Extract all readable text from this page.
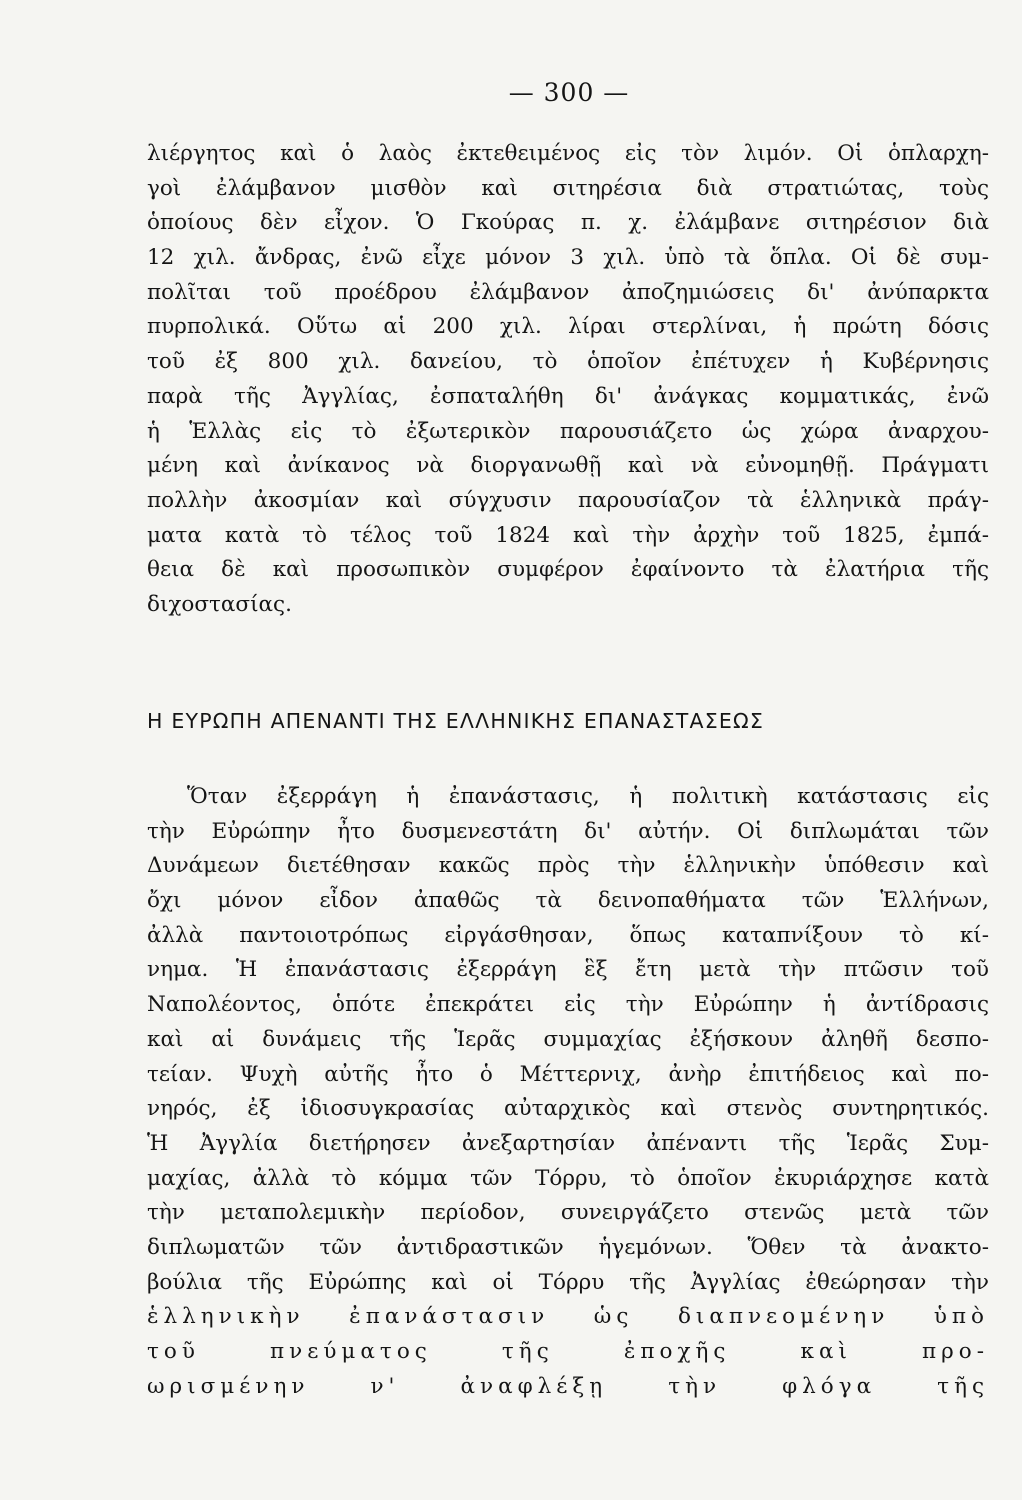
— 300 —
λιέργητος καὶ ὁ λαὸς ἐκτεθειμένος εἰς τὸν λιμόν. Οἱ ὁπλαρχη-
γοὶ ἐλάμβανον μισθὸν καὶ σιτηρέσια διὰ στρατιώτας, τοὺς
ὁποίους δὲν εἶχον. Ὁ Γκούρας π. χ. ἐλάμβανε σιτηρέσιον διὰ
12 χιλ. ἄνδρας, ἐνῶ εἶχε μόνον 3 χιλ. ὑπὸ τὰ ὅπλα. Οἱ δὲ συμ-
πολῖται τοῦ προέδρου ἐλάμβανον ἀποζημιώσεις δι' ἀνύπαρκτα
πυρπολικά. Οὕτω αἱ 200 χιλ. λίραι στερλίναι, ἡ πρώτη δόσις
τοῦ ἐξ 800 χιλ. δανείου, τὸ ὁποῖον ἐπέτυχεν ἡ Κυβέρνησις
παρὰ τῆς Ἀγγλίας, ἐσπαταλήθη δι' ἀνάγκας κομματικάς, ἐνῶ
ἡ Ἑλλὰς εἰς τὸ ἐξωτερικὸν παρουσιάζετο ὡς χώρα ἀναρχου-
μένη καὶ ἀνίκανος νὰ διοργανωθῇ καὶ νὰ εὐνομηθῇ. Πράγματι
πολλὴν ἀκοσμίαν καὶ σύγχυσιν παρουσίαζον τὰ ἑλληνικὰ πράγ-
ματα κατὰ τὸ τέλος τοῦ 1824 καὶ τὴν ἀρχὴν τοῦ 1825, ἐμπά-
θεια δὲ καὶ προσωπικὸν συμφέρον ἐφαίνοντο τὰ ἐλατήρια τῆς
διχοστασίας.
Η ΕΥΡΩΠΗ ΑΠΕΝΑΝΤΙ ΤΗΣ ΕΛΛΗΝΙΚΗΣ ΕΠΑΝΑΣΤΑΣΕΩΣ
Ὅταν ἐξερράγη ἡ ἐπανάστασις, ἡ πολιτικὴ κατάστασις εἰς
τὴν Εὐρώπην ἦτο δυσμενεστάτη δι' αὐτήν. Οἱ διπλωμάται τῶν
Δυνάμεων διετέθησαν κακῶς πρὸς τὴν ἑλληνικὴν ὑπόθεσιν καὶ
ὄχι μόνον εἶδον ἀπαθῶς τὰ δεινοπαθήματα τῶν Ἑλλήνων,
ἀλλὰ παντοιοτρόπως εἰργάσθησαν, ὅπως καταπνίξουν τὸ κί-
νημα. Ἡ ἐπανάστασις ἐξερράγη ἓξ ἔτη μετὰ τὴν πτῶσιν τοῦ
Ναπολέοντος, ὁπότε ἐπεκράτει εἰς τὴν Εὐρώπην ἡ ἀντίδρασις
καὶ αἱ δυνάμεις τῆς Ἱερᾶς συμμαχίας ἐξήσκουν ἀληθῆ δεσπο-
τείαν. Ψυχὴ αὐτῆς ἦτο ὁ Μέττερνιχ, ἀνὴρ ἐπιτήδειος καὶ πο-
νηρός, ἐξ ἰδιοσυγκρασίας αὐταρχικὸς καὶ στενὸς συντηρητικός.
Ἡ Ἀγγλία διετήρησεν ἀνεξαρτησίαν ἀπέναντι τῆς Ἱερᾶς Συμ-
μαχίας, ἀλλὰ τὸ κόμμα τῶν Τόρρυ, τὸ ὁποῖον ἐκυριάρχησε κατὰ
τὴν μεταπολεμικὴν περίοδον, συνειργάζετο στενῶς μετὰ τῶν
διπλωματῶν τῶν ἀντιδραστικῶν ἡγεμόνων. Ὅθεν τὰ ἀνακτο-
βούλια τῆς Εὐρώπης καὶ οἱ Τόρρυ τῆς Ἀγγλίας ἐθεώρησαν τὴν
ἑλληνικὴν ἐπανάστασιν ὡς διαπνεομένην ὑπὸ
τοῦ πνεύματος τῆς ἐποχῆς καὶ προ-
ωρισμένην ν' ἀναφλέξῃ τὴν φλόγα τῆς
